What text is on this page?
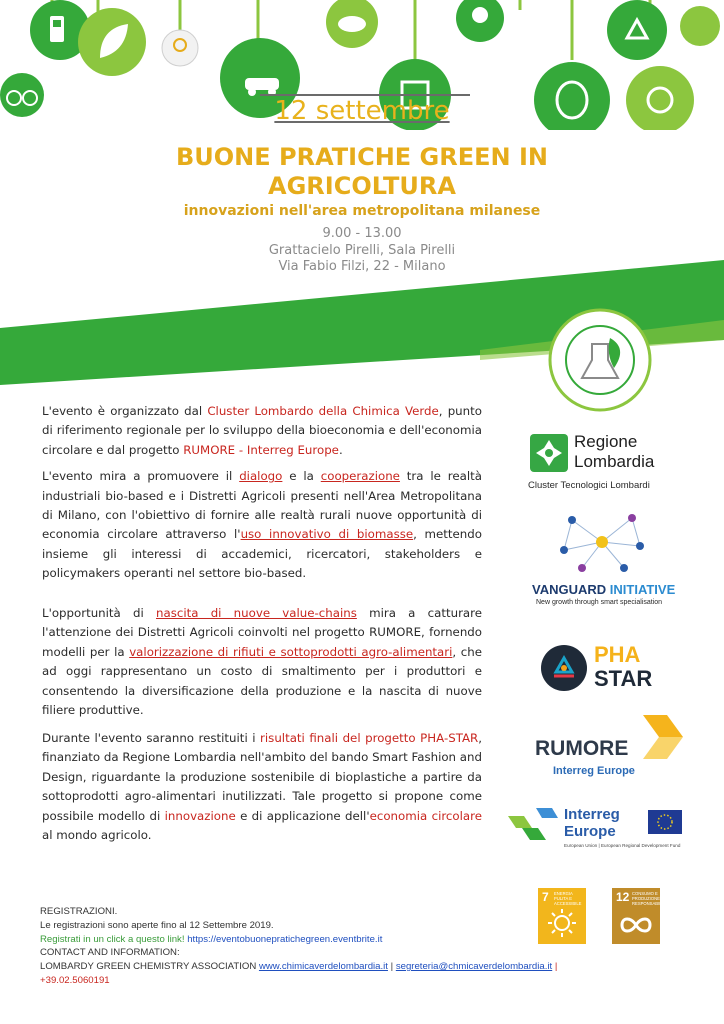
12 settembre
BUONE PRATICHE GREEN IN
AGRICOLTURA
innovazioni nell'area metropolitana milanese
9.00 - 13.00
Grattacielo Pirelli, Sala Pirelli
Via Fabio Filzi, 22 - Milano
Regione
Lombardia
Cluster Tecnologici Lombardi
VANGUARD INITIATIVE
New growth through smart specialisation
PHA
STAR
RUMORE
Interreg Europe
Interreg
Europe
European Union | European Regional Development Fund

L'evento è organizzato dal Cluster Lombardo della Chimica Verde, punto di riferimento regionale per lo sviluppo della bioeconomia e dell'economia circolare e dal progetto RUMORE - Interreg Europe.

L'evento mira a promuovere il dialogo e la cooperazione tra le realtà industriali bio-based e i Distretti Agricoli presenti nell'Area Metropolitana di Milano, con l'obiettivo di fornire alle realtà rurali nuove opportunità di economia circolare attraverso l'uso innovativo di biomasse, mettendo insieme gli interessi di accademici, ricercatori, stakeholders e policymakers operanti nel settore bio-based.

L'opportunità di nascita di nuove value-chains mira a catturare l'attenzione dei Distretti Agricoli coinvolti nel progetto RUMORE, fornendo modelli per la valorizzazione di rifiuti e sottoprodotti agro-alimentari, che ad oggi rappresentano un costo di smaltimento per i produttori e consentendo la diversificazione della produzione e la nascita di nuove filiere produttive.

Durante l'evento saranno restituiti i risultati finali del progetto PHA-STAR, finanziato da Regione Lombardia nell'ambito del bando Smart Fashion and Design, riguardante la produzione sostenibile di bioplastiche a partire da sottoprodotti agro-alimentari inutilizzati. Tale progetto si propone come possibile modello di innovazione e di applicazione dell'economia circolare al mondo agricolo.

7 ENERGIA PULITA E ACCESSIBILE	12 CONSUMO E PRODUZIONE RESPONSABILI
REGISTRAZIONI.
Le registrazioni sono aperte fino al 12 Settembre 2019.
Registrati in un click a questo link! https://eventobuonepratichegreen.eventbrite.it
CONTACT AND INFORMATION:
LOMBARDY GREEN CHEMISTRY ASSOCIATION www.chimicaverdelombardia.it | segreteria@chmicaverdelombardia.it | +39.02.5060191
